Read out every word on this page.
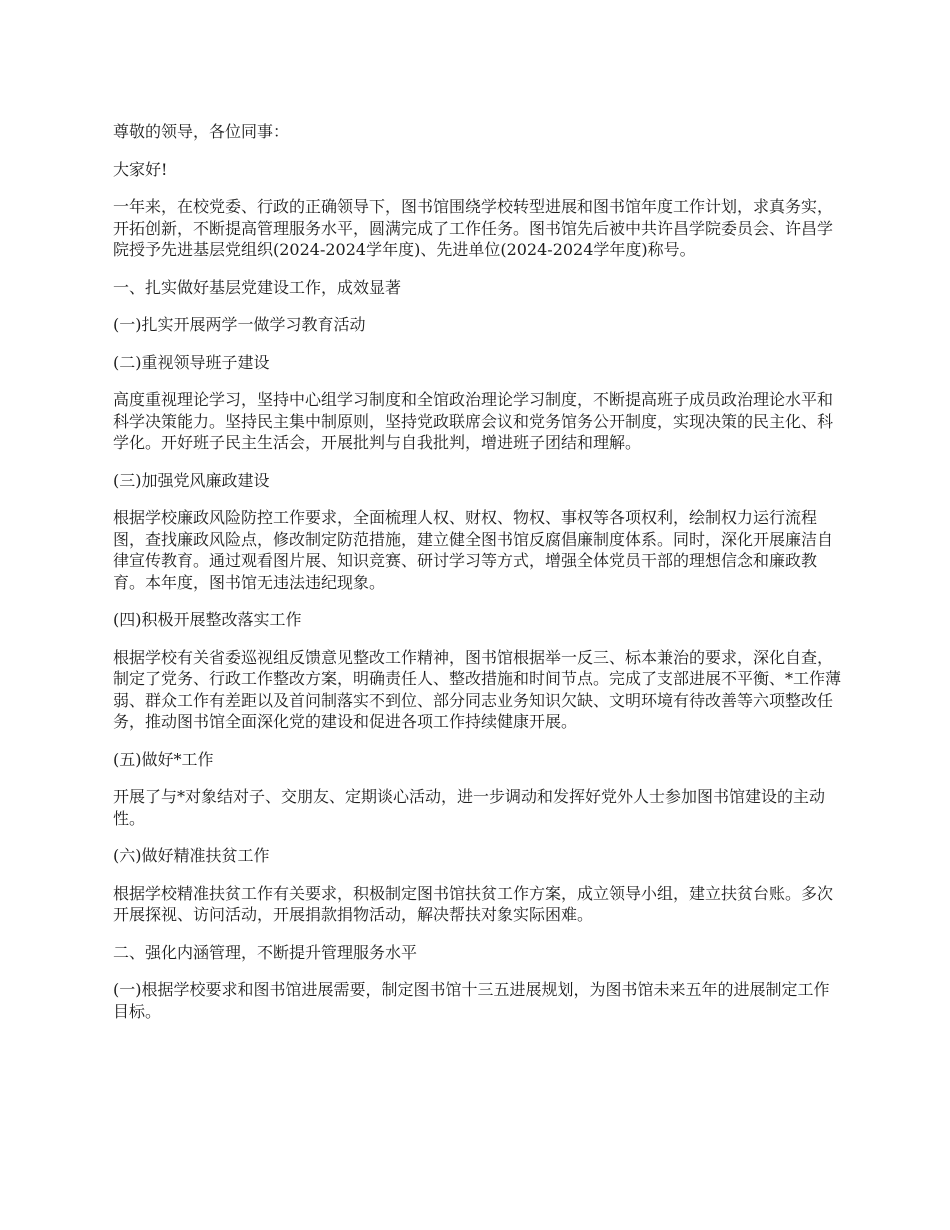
尊敬的领导，各位同事：

大家好!

一年来，在校党委、行政的正确领导下，图书馆围绕学校转型进展和图书馆年度工作计划，求真务实，开拓创新，不断提高管理服务水平，圆满完成了工作任务。图书馆先后被中共许昌学院委员会、许昌学院授予先进基层党组织(2024-2024学年度)、先进单位(2024-2024学年度)称号。

一、扎实做好基层党建设工作，成效显著

(一)扎实开展两学一做学习教育活动

(二)重视领导班子建设

高度重视理论学习，坚持中心组学习制度和全馆政治理论学习制度，不断提高班子成员政治理论水平和科学决策能力。坚持民主集中制原则，坚持党政联席会议和党务馆务公开制度，实现决策的民主化、科学化。开好班子民主生活会，开展批判与自我批判，增进班子团结和理解。

(三)加强党风廉政建设

根据学校廉政风险防控工作要求，全面梳理人权、财权、物权、事权等各项权利，绘制权力运行流程图，查找廉政风险点，修改制定防范措施，建立健全图书馆反腐倡廉制度体系。同时，深化开展廉洁自律宣传教育。通过观看图片展、知识竞赛、研讨学习等方式，增强全体党员干部的理想信念和廉政教育。本年度，图书馆无违法违纪现象。

(四)积极开展整改落实工作

根据学校有关省委巡视组反馈意见整改工作精神，图书馆根据举一反三、标本兼治的要求，深化自查，制定了党务、行政工作整改方案，明确责任人、整改措施和时间节点。完成了支部进展不平衡、*工作薄弱、群众工作有差距以及首问制落实不到位、部分同志业务知识欠缺、文明环境有待改善等六项整改任务，推动图书馆全面深化党的建设和促进各项工作持续健康开展。

(五)做好*工作

开展了与*对象结对子、交朋友、定期谈心活动，进一步调动和发挥好党外人士参加图书馆建设的主动性。

(六)做好精准扶贫工作

根据学校精准扶贫工作有关要求，积极制定图书馆扶贫工作方案，成立领导小组，建立扶贫台账。多次开展探视、访问活动，开展捐款捐物活动，解决帮扶对象实际困难。

二、强化内涵管理，不断提升管理服务水平

(一)根据学校要求和图书馆进展需要，制定图书馆十三五进展规划，为图书馆未来五年的进展制定工作目标。
